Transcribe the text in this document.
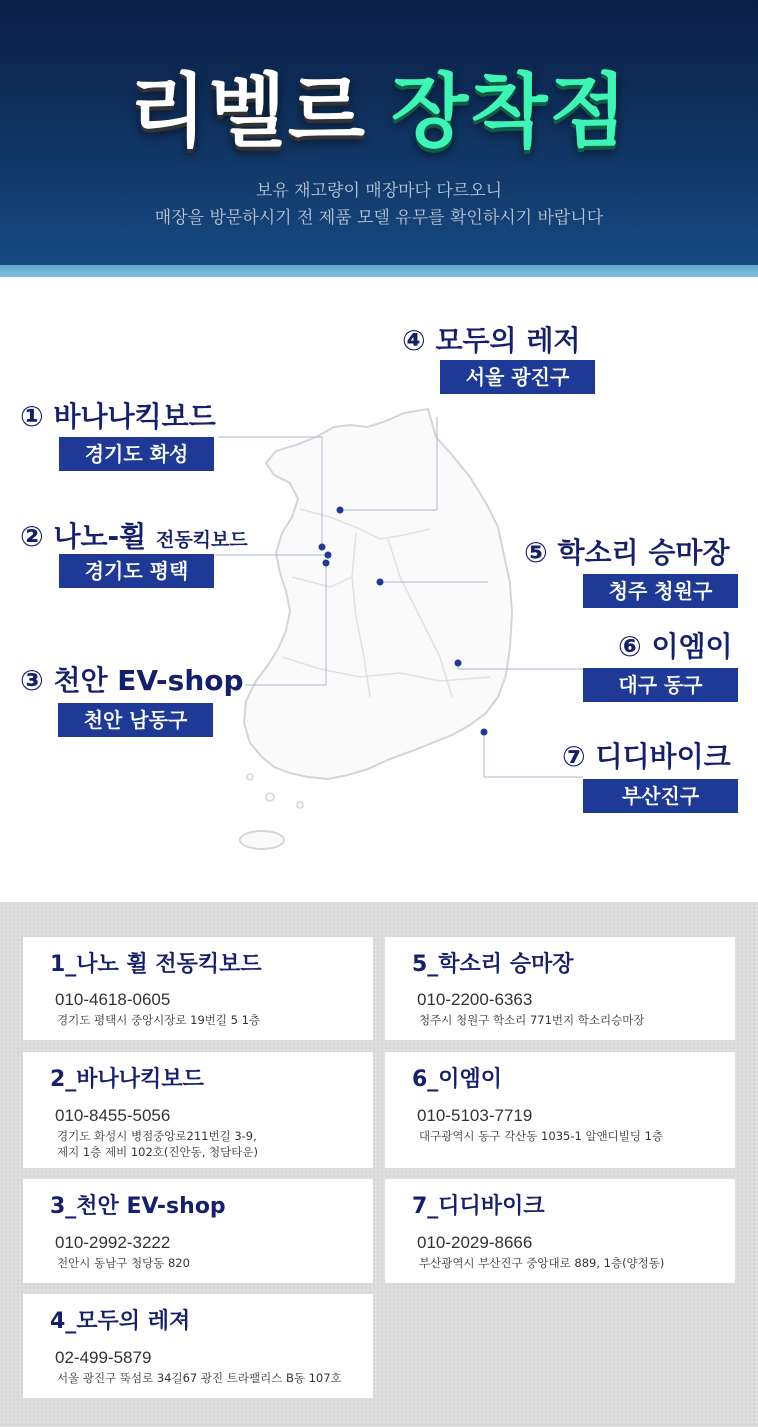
리벨르 장착점
보유 재고량이 매장마다 다르오니
매장을 방문하시기 전 제품 모델 유무를 확인하시기 바랍니다
④ 모두의 레저
서울 광진구
① 바나나킥보드
경기도 화성
② 나노-휠 전동킥보드
경기도 평택
⑤ 학소리 승마장
청주 청원구
⑥ 이엠이
대구 동구
③ 천안 EV-shop
천안 남동구
⑦ 디디바이크
부산진구
1_나노 휠 전동킥보드
010-4618-0605
경기도 평택시 중앙시장로 19번길 5 1층
5_학소리 승마장
010-2200-6363
청주시 청원구 학소리 771번지 학소리승마장
2_바나나킥보드
010-8455-5056
경기도 화성시 병점중앙로211번길 3-9,
제지 1층 제비 102호(진안동, 청담타운)
6_이엠이
010-5103-7719
대구광역시 동구 각산동 1035-1 알앤디빌딩 1층
3_천안 EV-shop
010-2992-3222
천안시 동남구 청당동 820
7_디디바이크
010-2029-8666
부산광역시 부산진구 중앙대로 889, 1층(양정동)
4_모두의 레져
02-499-5879
서울 광진구 뚝섬로 34길67 광진 트라팰리스 B동 107호
